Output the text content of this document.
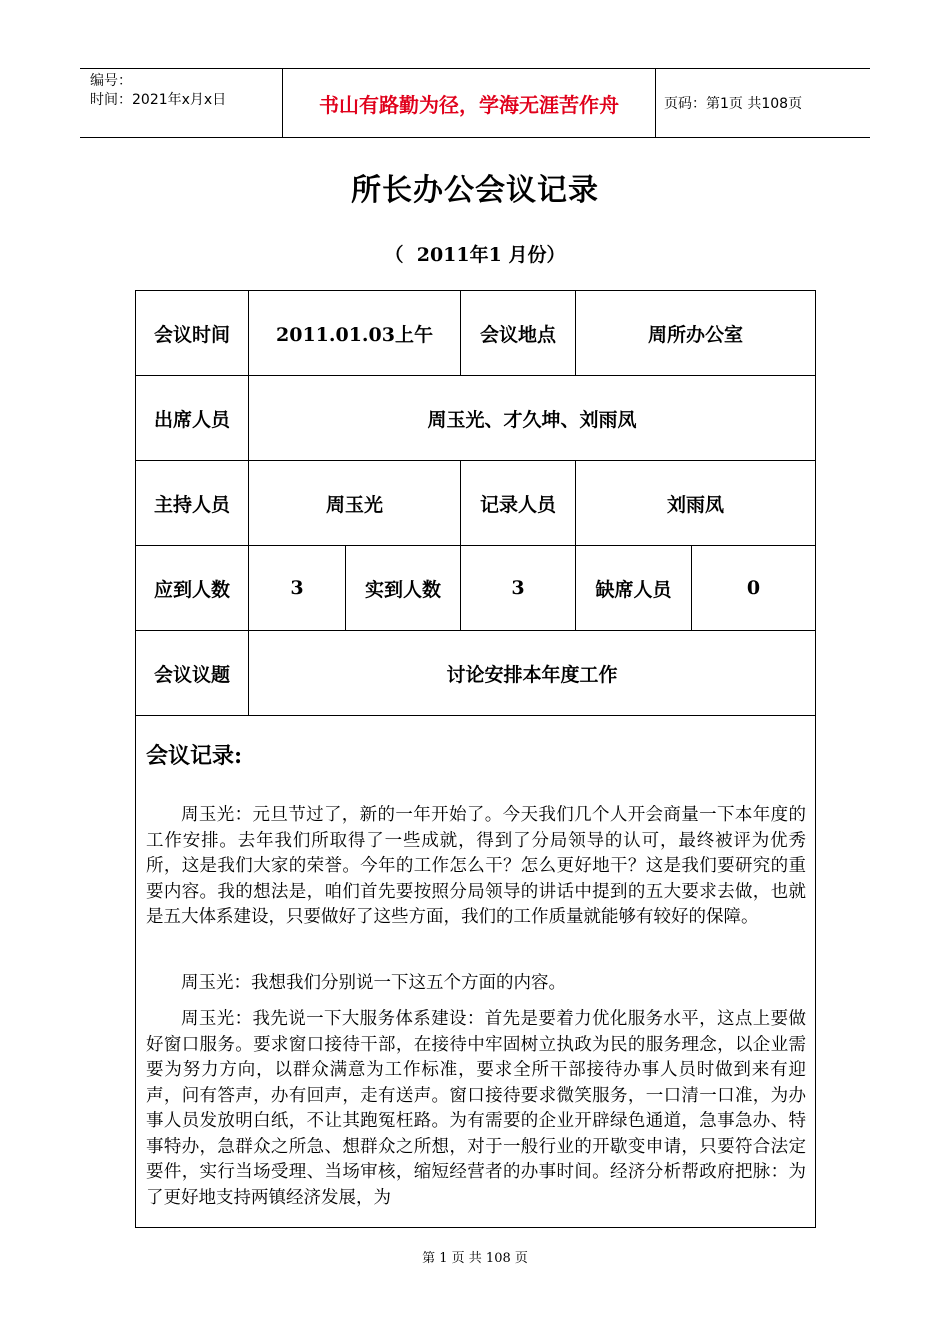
编号：
时间：2021年x月x日	书山有路勤为径，学海无涯苦作舟	页码：第1页 共108页
所长办公会议记录
（  2011年1 月份）
会议时间	2011.01.03上午	会议地点	周所办公室
出席人员	周玉光、才久坤、刘雨凤
主持人员	周玉光	记录人员	刘雨凤
应到人数	3	实到人数	3	缺席人员	0
会议议题	讨论安排本年度工作
会议记录:
周玉光：元旦节过了，新的一年开始了。今天我们几个人开会商量一下本年度的工作安排。去年我们所取得了一些成就，得到了分局领导的认可，最终被评为优秀所，这是我们大家的荣誉。今年的工作怎么干？怎么更好地干？这是我们要研究的重要内容。我的想法是，咱们首先要按照分局领导的讲话中提到的五大要求去做，也就是五大体系建设，只要做好了这些方面，我们的工作质量就能够有较好的保障。
周玉光：我想我们分别说一下这五个方面的内容。
周玉光：我先说一下大服务体系建设：首先是要着力优化服务水平，这点上要做好窗口服务。要求窗口接待干部，在接待中牢固树立执政为民的服务理念，以企业需要为努力方向，以群众满意为工作标准，要求全所干部接待办事人员时做到来有迎声，问有答声，办有回声，走有送声。窗口接待要求微笑服务，一口清一口准，为办事人员发放明白纸，不让其跑冤枉路。为有需要的企业开辟绿色通道，急事急办、特事特办，急群众之所急、想群众之所想，对于一般行业的开歇变申请，只要符合法定要件，实行当场受理、当场审核，缩短经营者的办事时间。经济分析帮政府把脉：为了更好地支持两镇经济发展，为
第 1 页 共 108 页
